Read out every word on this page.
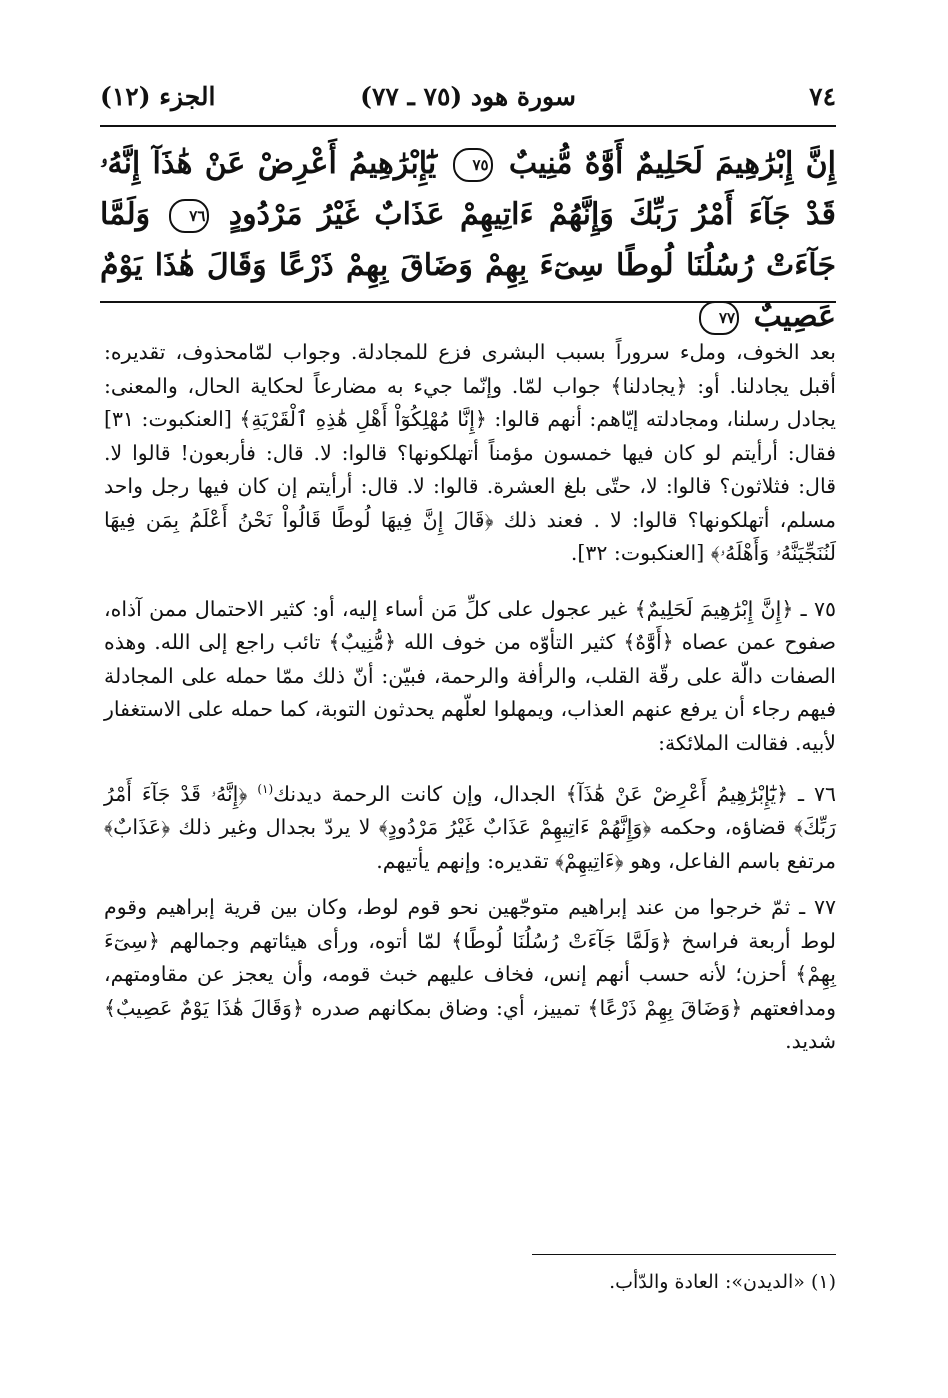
٧٤
سورة هود (٧٥ ـ ٧٧)
الجزء (١٢)
إِنَّ إِبْرَٰهِيمَ لَحَلِيمٌ أَوَّٰهٌ مُّنِيبٌ ٧٥ يَٰٓإِبْرَٰهِيمُ أَعْرِضْ عَنْ هَٰذَآ إِنَّهُۥ قَدْ جَآءَ أَمْرُ رَبِّكَ وَإِنَّهُمْ ءَاتِيهِمْ عَذَابٌ غَيْرُ مَرْدُودٍ ٧٦ وَلَمَّا جَآءَتْ رُسُلُنَا لُوطًا سِىٓءَ بِهِمْ وَضَاقَ بِهِمْ ذَرْعًا وَقَالَ هَٰذَا يَوْمٌ عَصِيبٌ ٧٧

بعد الخوف، وملء سروراً بسبب البشرى فزع للمجادلة. وجواب لمّامحذوف، تقديره: أقبل يجادلنا. أو: ﴿يجادلنا﴾ جواب لمّا. وإنّما جيء به مضارعاً لحكاية الحال، والمعنى: يجادل رسلنا، ومجادلته إيّاهم: أنهم قالوا: ﴿إِنَّا مُهْلِكُوٓاْ أَهْلِ هَٰذِهِ ٱلْقَرْيَةِ﴾ [العنكبوت: ٣١] فقال: أرأيتم لو كان فيها خمسون مؤمناً أتهلكونها؟ قالوا: لا. قال: فأربعون! قالوا لا. قال: فثلاثون؟ قالوا: لا، حتّى بلغ العشرة. قالوا: لا. قال: أرأيتم إن كان فيها رجل واحد مسلم، أتهلكونها؟ قالوا: لا . فعند ذلك ﴿قَالَ إِنَّ فِيهَا لُوطًا قَالُواْ نَحْنُ أَعْلَمُ بِمَن فِيهَا لَنُنَجِّيَنَّهُۥ وَأَهْلَهُۥ﴾ [العنكبوت: ٣٢].

٧٥ ـ ﴿إِنَّ إِبْرَٰهِيمَ لَحَلِيمٌ﴾ غير عجول على كلِّ مَن أساء إليه، أو: كثير الاحتمال ممن آذاه، صفوح عمن عصاه ﴿أَوَّٰهٌ﴾ كثير التأوّه من خوف الله ﴿مُّنِيبٌ﴾ تائب راجع إلى الله. وهذه الصفات دالّة على رقّة القلب، والرأفة والرحمة، فبيّن: أنّ ذلك ممّا حمله على المجادلة فيهم رجاء أن يرفع عنهم العذاب، ويمهلوا لعلّهم يحدثون التوبة، كما حمله على الاستغفار لأبيه. فقالت الملائكة:

٧٦ ـ ﴿يَٰٓإِبْرَٰهِيمُ أَعْرِضْ عَنْ هَٰذَآ﴾ الجدال، وإن كانت الرحمة ديدنك$^{(١)}$ ﴿إِنَّهُۥ قَدْ جَآءَ أَمْرُ رَبِّكَ﴾ قضاؤه، وحكمه ﴿وَإِنَّهُمْ ءَاتِيهِمْ عَذَابٌ غَيْرُ مَرْدُودٍ﴾ لا يردّ بجدال وغير ذلك ﴿عَذَابٌ﴾ مرتفع باسم الفاعل، وهو ﴿ءَاتِيهِمْ﴾ تقديره: وإنهم يأتيهم.

٧٧ ـ ثمّ خرجوا من عند إبراهيم متوجّهين نحو قوم لوط، وكان بين قرية إبراهيم وقوم لوط أربعة فراسخ ﴿وَلَمَّا جَآءَتْ رُسُلُنَا لُوطًا﴾ لمّا أتوه، ورأى هيئاتهم وجمالهم ﴿سِىٓءَ بِهِمْ﴾ أحزن؛ لأنه حسب أنهم إنس، فخاف عليهم خبث قومه، وأن يعجز عن مقاومتهم، ومدافعتهم ﴿وَضَاقَ بِهِمْ ذَرْعًا﴾ تمييز، أي: وضاق بمكانهم صدره ﴿وَقَالَ هَٰذَا يَوْمٌ عَصِيبٌ﴾ شديد.

(١) «الديدن»: العادة والدّأب.
